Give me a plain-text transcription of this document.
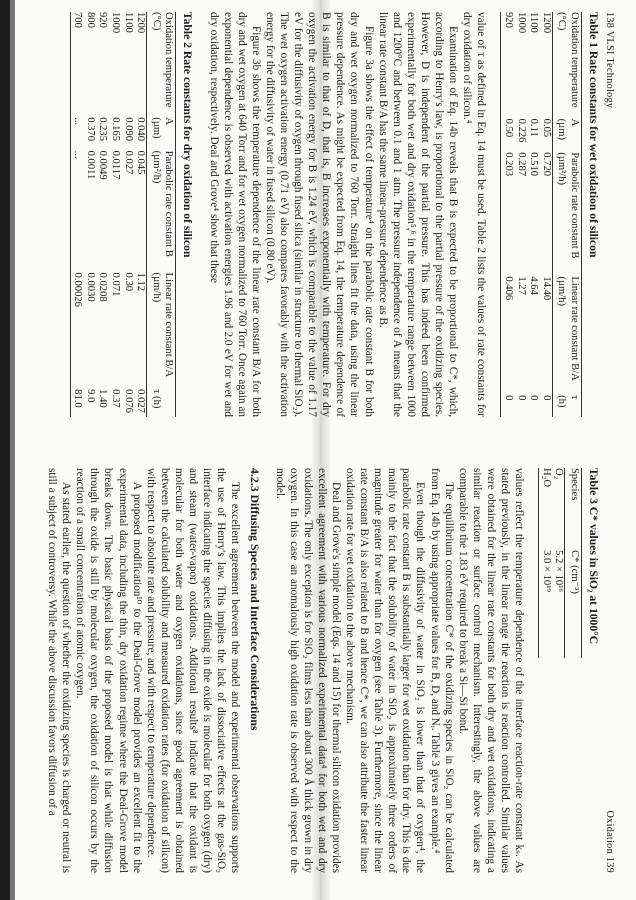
138 VLSI Technology
Table 1 Rate constants for wet oxidation of silicon
Oxidation temperature (°C)	A (µm)	Parabolic rate constant B (µm²/h)	Linear rate constant B/A (µm/h)	τ (h)
1200	0.05	0.720	14.40	0
1100	0.11	0.510	4.64	0
1000	0.226	0.287	1.27	0
920	0.50	0.203	0.406	0

value of τ as defined in Eq. 14 must be used. Table 2 lists the values of rate constants for dry oxidation of silicon.⁴

Examination of Eq. 14b reveals that B is expected to be proportional to C*, which, according to Henry's law, is proportional to the partial pressure of the oxidizing species. However, D is independent of the partial pressure. This has indeed been confirmed experimentally for both wet and dry oxidation⁵,⁶ in the temperature range between 1000 and 1200°C and between 0.1 and 1 atm. The pressure independence of A means that the linear rate constant B/A has the same linear-pressure dependence as B.

Figure 3a shows the effect of temperature⁴ on the parabolic rate constant B for both dry and wet oxygen normalized to 760 Torr. Straight lines fit the data, using the linear pressure dependence. As might be expected from Eq. 14, the temperature dependence of B is similar to that of D, that is, B increases exponentially with temperature. For dry oxygen the activation energy for B is 1.24 eV, which is comparable to the value of 1.17 eV for the diffusivity of oxygen through fused silica (similar in structure to thermal SiO₂). The wet oxygen activation energy (0.71 eV) also compares favorably with the activation energy for the diffusivity of water in fused silicon (0.80 eV).

Figure 3b shows the temperature dependence of the linear rate constant B/A for both dry and wet oxygen at 640 Torr and for wet oxygen normalized to 760 Torr. Once again an exponential dependence is observed with activation energies 1.96 and 2.0 eV for wet and dry oxidation, respectively. Deal and Grove⁴ show that these

Table 2 Rate constants for dry oxidation of silicon
Oxidation temperature (°C)	A (µm)	Parabolic rate constant B (µm²/h)	Linear rate constant B/A (µm/h)	τ (h)
1200	0.040	0.045	1.12	0.027
1100	0.090	0.027	0.30	0.076
1000	0.165	0.0117	0.071	0.37
920	0.235	0.0049	0.0208	1.40
800	0.370	0.0011	0.0030	9.0
700	...	...	0.00026	81.0
Oxidation 139
Table 3 C* values in SiO₂ at 1000°C
Species	C* (cm⁻³)
O₂	5.2 × 10¹⁶
H₂O	3.0 × 10¹⁹

values reflect the temperature dependence of the interface reaction-rate constant kₛ. As stated previously, in the linear range the reaction is reaction controlled. Similar values were obtained for the linear rate constants for both dry and wet oxidations, indicating a similar reaction or surface control mechanism. Interestingly, the above values are comparable to the 1.83 eV required to break a Si—Si bond.

The equilibrium concentration C* of the oxidizing species in SiO₂ can be calculated from Eq. 14b by using appropriate values for B, D, and Nᵢ. Table 3 gives an example.⁴

Even though the diffusivity of water in SiO₂ is lower than that of oxygen⁴, the parabolic rate constant B is substantially larger for wet oxidation than for dry. This is due mainly to the fact that the solubility of water in SiO₂ is approximately three orders of magnitude greater for water than for oxygen (see Table 3). Furthermore, since the linear rate constant B/A is also related to B and hence C*, we can also attribute the faster linear oxidation rate for wet oxidation to the above mechanism.

Deal and Grove's simple model (Eqs. 14 and 15) for thermal silicon oxidation provides excellent agreement with various normalized experimental data⁴ for both wet and dry oxidations. The only exception is for SiO₂ films less than about 300 Å thick grown in dry oxygen. In this case an anomalously high oxidation rate is observed with respect to the model.

4.2.3 Diffusing Species and Interface Considerations

The excellent agreement between the model and experimental observations supports the use of Henry's law. This implies the lack of dissociative effects at the gas-SiO₂ interface indicating the species diffusing in the oxide is molecular for both oxygen (dry) and steam (water-vapor) oxidations. Additional results⁸ indicate that the oxidant is molecular for both water and oxygen oxidations, since good agreement is obtained between the calculated solubility and measured oxidation rates (for oxidation of silicon) with respect to absolute rate and pressure, and with respect to temperature dependence.

A proposed modification¹⁰ to the Deal-Grove model provides an excellent fit to the experimental data, including the thin, dry oxidation regime where the Deal-Grove model breaks down. The basic physical basis of the proposed model is that while diffusion through the oxide is still by molecular oxygen, the oxidation of silicon occurs by the reaction of a small concentration of atomic oxygen.

As stated earlier, the question of whether the oxidizing species is charged or neutral is still a subject of controversy. While the above discussion favors diffusion of a
